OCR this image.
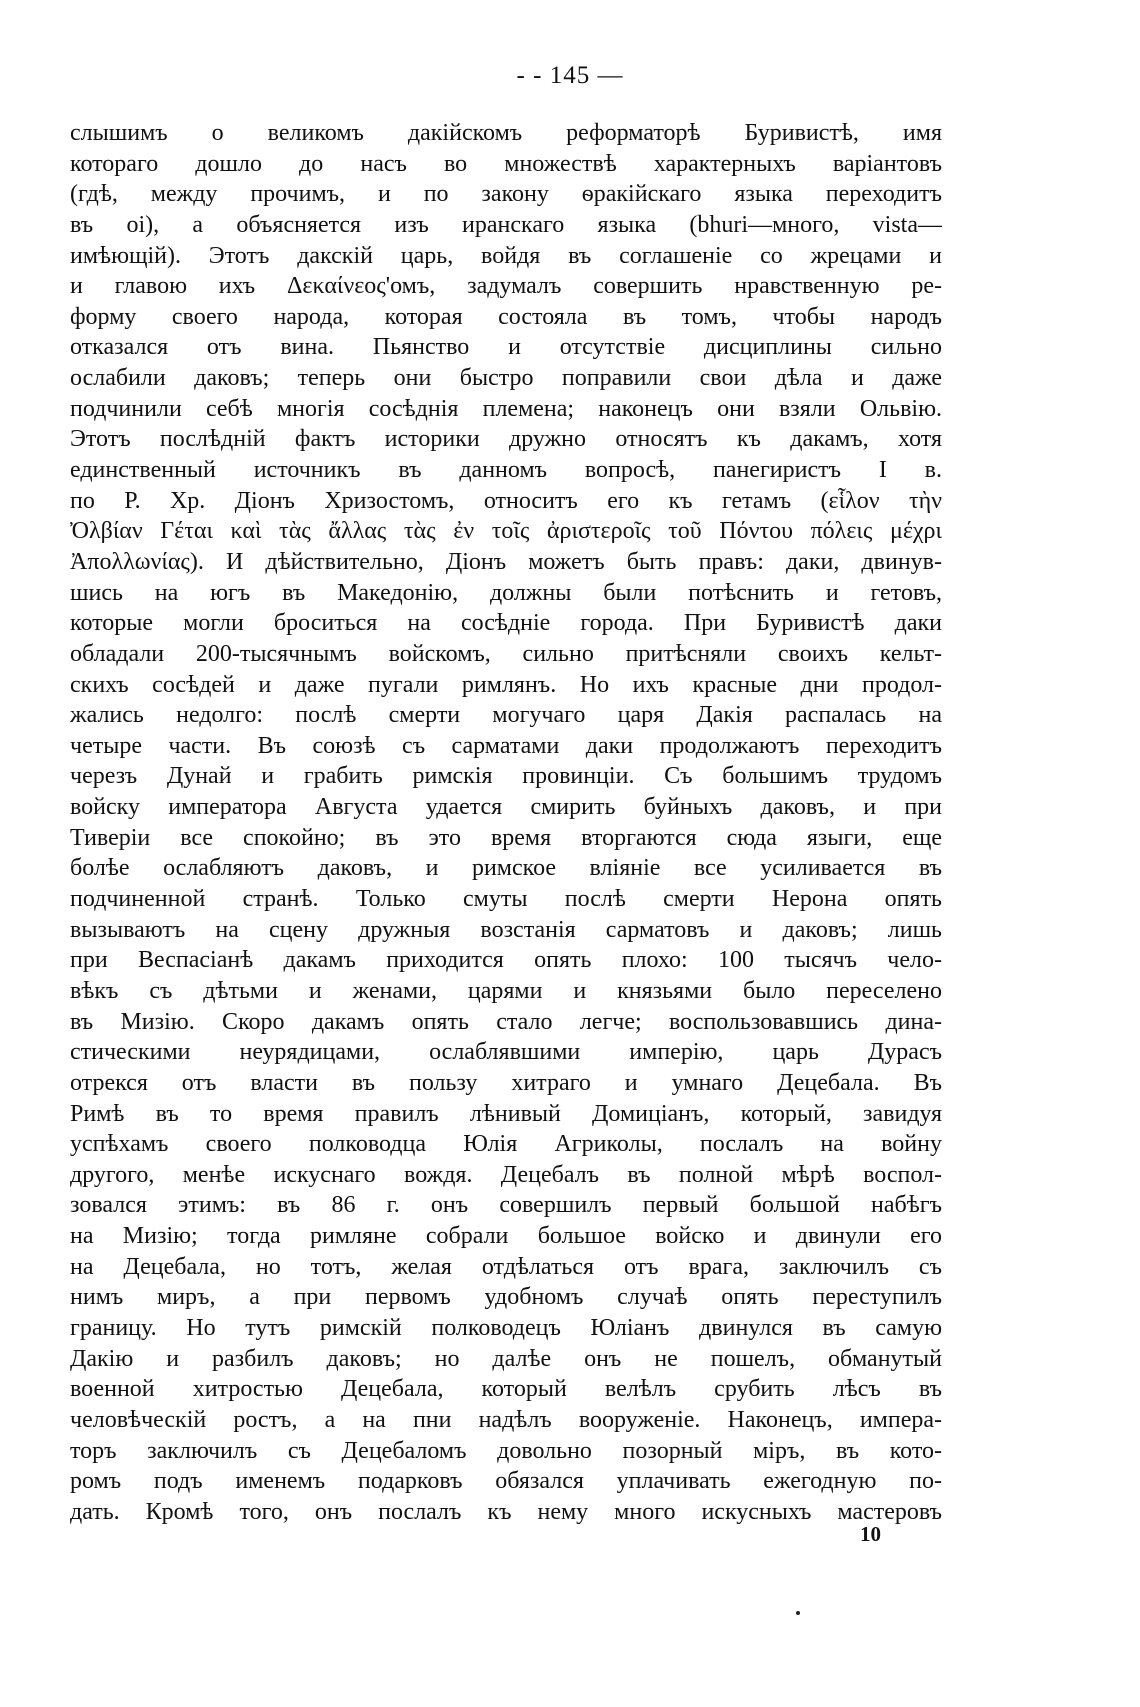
- - 145 —
слышимъ о великомъ дакійскомъ реформаторѣ Буривистѣ, имя
котораго дошло до насъ во множествѣ характерныхъ варіантовъ
(гдѣ, между прочимъ, и по закону ѳракійскаго языка переходитъ
въ оі), а объясняется изъ иранскаго языка (bhuri—много, vista—
имѣющій). Этотъ дакскій царь, войдя въ соглашеніе со жрецами и
и главою ихъ Δεκαίνεος'омъ, задумалъ совершить нравственную ре-
форму своего народа, которая состояла въ томъ, чтобы народъ
отказался отъ вина. Пьянство и отсутствіе дисциплины сильно
ослабили даковъ; теперь они быстро поправили свои дѣла и даже
подчинили себѣ многія сосѣднія племена; наконецъ они взяли Ольвію.
Этотъ послѣдній фактъ историки дружно относятъ къ дакамъ, хотя
единственный источникъ въ данномъ вопросѣ, панегиристъ I в.
по Р. Хр. Діонъ Хризостомъ, относитъ его къ гетамъ (εἷλον τὴν
Ὀλβίαν Γέται καὶ τὰς ἄλλας τὰς ἐν τοῖς ἀριστεροῖς τοῦ Πόντου πόλεις μέχρι
Ἀπολλωνίας). И дѣйствительно, Діонъ можетъ быть правъ: даки, двинув-
шись на югъ въ Македонію, должны были потѣснить и гетовъ,
которые могли броситься на сосѣдніе города. При Буривистѣ даки
обладали 200-тысячнымъ войскомъ, сильно притѣсняли своихъ кельт-
скихъ сосѣдей и даже пугали римлянъ. Но ихъ красные дни продол-
жались недолго: послѣ смерти могучаго царя Дакія распалась на
четыре части. Въ союзѣ съ сарматами даки продолжаютъ переходитъ
черезъ Дунай и грабить римскія провинціи. Съ большимъ трудомъ
войску императора Августа удается смирить буйныхъ даковъ, и при
Тиверіи все спокойно; въ это время вторгаются сюда языги, еще
болѣе ослабляютъ даковъ, и римское вліяніе все усиливается въ
подчиненной странѣ. Только смуты послѣ смерти Нерона опять
вызываютъ на сцену дружныя возстанія сарматовъ и даковъ; лишь
при Веспасіанѣ дакамъ приходится опять плохо: 100 тысячъ чело-
вѣкъ съ дѣтьми и женами, царями и князьями было переселено
въ Мизію. Скоро дакамъ опять стало легче; воспользовавшись дина-
стическими неурядицами, ослаблявшими имперію, царь Дурасъ
отрекся отъ власти въ пользу хитраго и умнаго Децебала. Въ
Римѣ въ то время правилъ лѣнивый Домиціанъ, который, завидуя
успѣхамъ своего полководца Юлія Агриколы, послалъ на войну
другого, менѣе искуснаго вождя. Децебалъ въ полной мѣрѣ воспол-
зовался этимъ: въ 86 г. онъ совершилъ первый большой набѣгъ
на Мизію; тогда римляне собрали большое войско и двинули его
на Децебала, но тотъ, желая отдѣлаться отъ врага, заключилъ съ
нимъ миръ, а при первомъ удобномъ случаѣ опять переступилъ
границу. Но тутъ римскій полководецъ Юліанъ двинулся въ самую
Дакію и разбилъ даковъ; но далѣе онъ не пошелъ, обманутый
военной хитростью Децебала, который велѣлъ срубить лѣсъ въ
человѣческій ростъ, а на пни надѣлъ вооруженіе. Наконецъ, импера-
торъ заключилъ съ Децебаломъ довольно позорный міръ, въ кото-
ромъ подъ именемъ подарковъ обязался уплачивать ежегодную по-
дать. Кромѣ того, онъ послалъ къ нему много искусныхъ мастеровъ
10
